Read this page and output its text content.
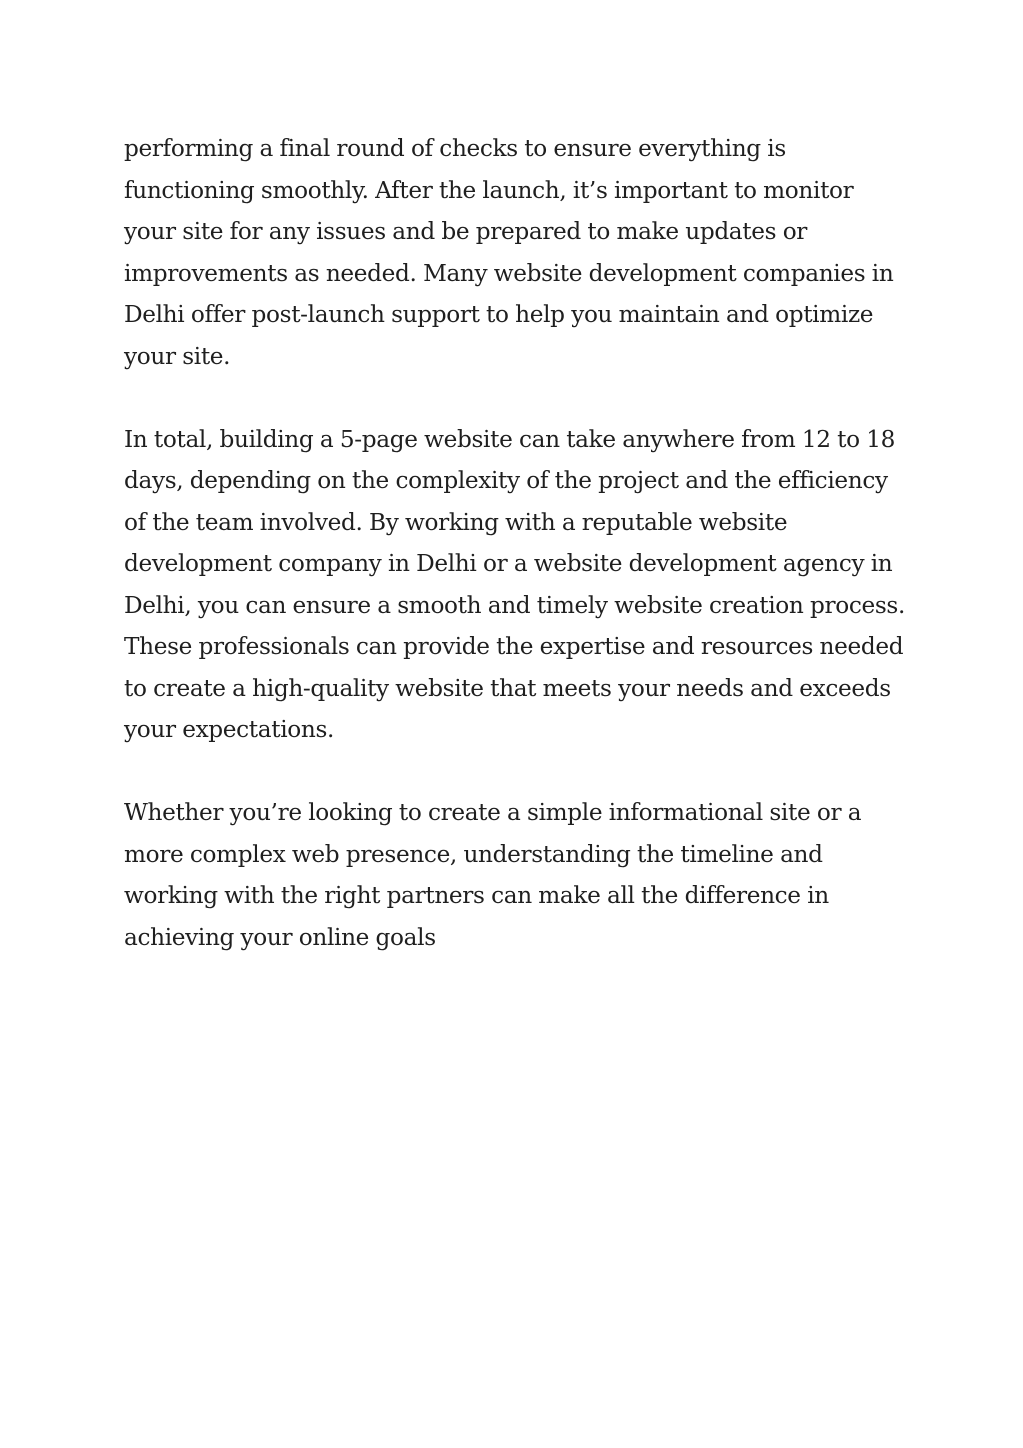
performing a final round of checks to ensure everything is
functioning smoothly. After the launch, it’s important to monitor
your site for any issues and be prepared to make updates or
improvements as needed. Many website development companies in
Delhi offer post-launch support to help you maintain and optimize
your site.

In total, building a 5-page website can take anywhere from 12 to 18
days, depending on the complexity of the project and the efficiency
of the team involved. By working with a reputable website
development company in Delhi or a website development agency in
Delhi, you can ensure a smooth and timely website creation process.
These professionals can provide the expertise and resources needed
to create a high-quality website that meets your needs and exceeds
your expectations.

Whether you’re looking to create a simple informational site or a
more complex web presence, understanding the timeline and
working with the right partners can make all the difference in
achieving your online goals
